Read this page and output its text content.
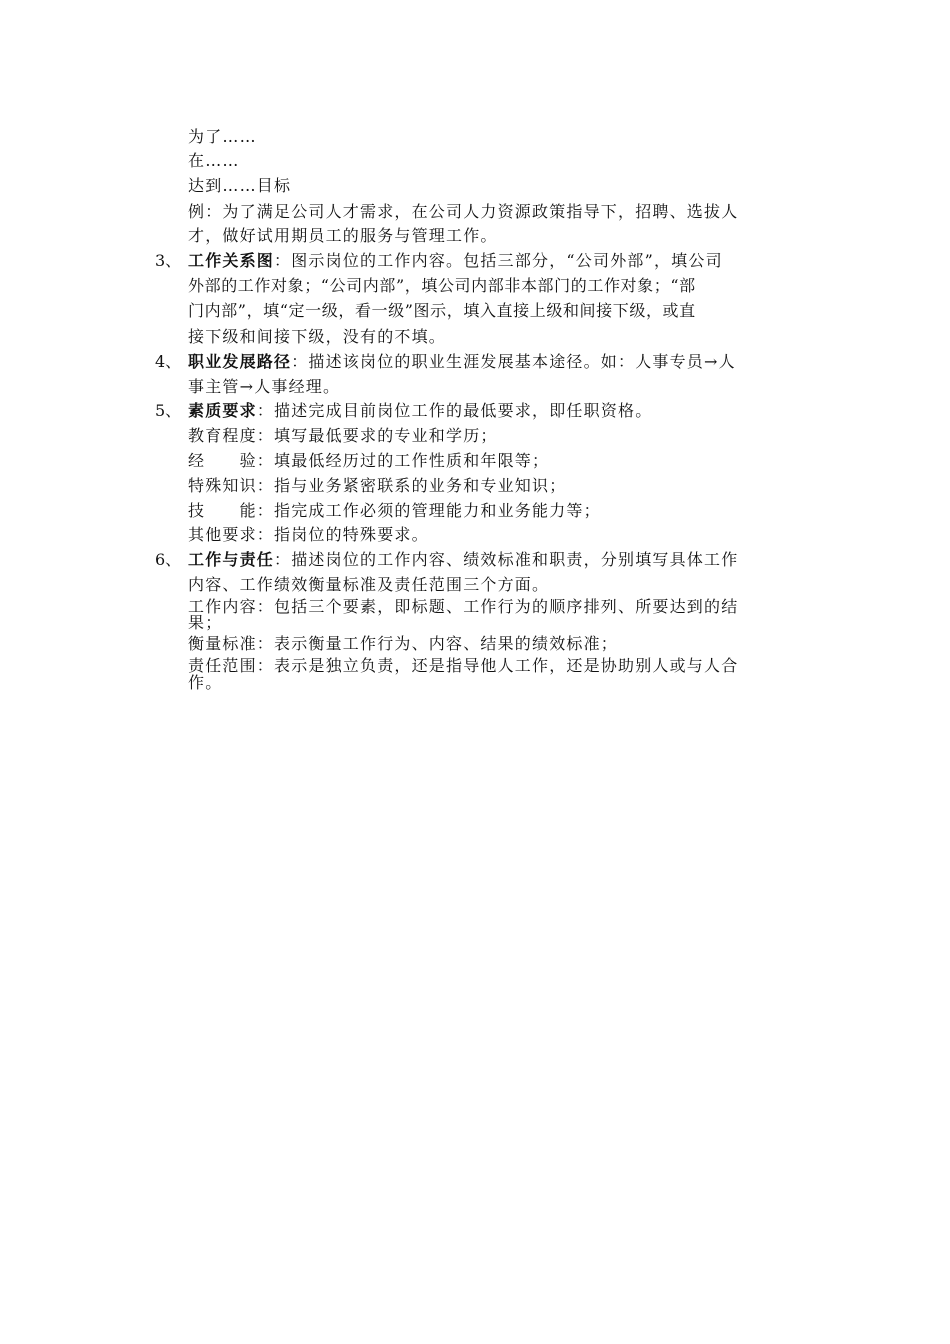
为了……
在……
达到……目标
例：为了满足公司人才需求，在公司人力资源政策指导下，招聘、选拔人
才，做好试用期员工的服务与管理工作。
3、 工作关系图：图示岗位的工作内容。包括三部分，“公司外部”，填公司
外部的工作对象；“公司内部”，填公司内部非本部门的工作对象；“部
门内部”，填“定一级，看一级”图示，填入直接上级和间接下级，或直
接下级和间接下级，没有的不填。
4、 职业发展路径：描述该岗位的职业生涯发展基本途径。如：人事专员→人
事主管→人事经理。
5、 素质要求：描述完成目前岗位工作的最低要求，即任职资格。
教育程度：填写最低要求的专业和学历；
经　　验：填最低经历过的工作性质和年限等；
特殊知识：指与业务紧密联系的业务和专业知识；
技　　能：指完成工作必须的管理能力和业务能力等；
其他要求：指岗位的特殊要求。
6、 工作与责任：描述岗位的工作内容、绩效标准和职责，分别填写具体工作
内容、工作绩效衡量标准及责任范围三个方面。
工作内容：包括三个要素，即标题、工作行为的顺序排列、所要达到的结
果；
衡量标准：表示衡量工作行为、内容、结果的绩效标准；
责任范围：表示是独立负责，还是指导他人工作，还是协助别人或与人合
作。
